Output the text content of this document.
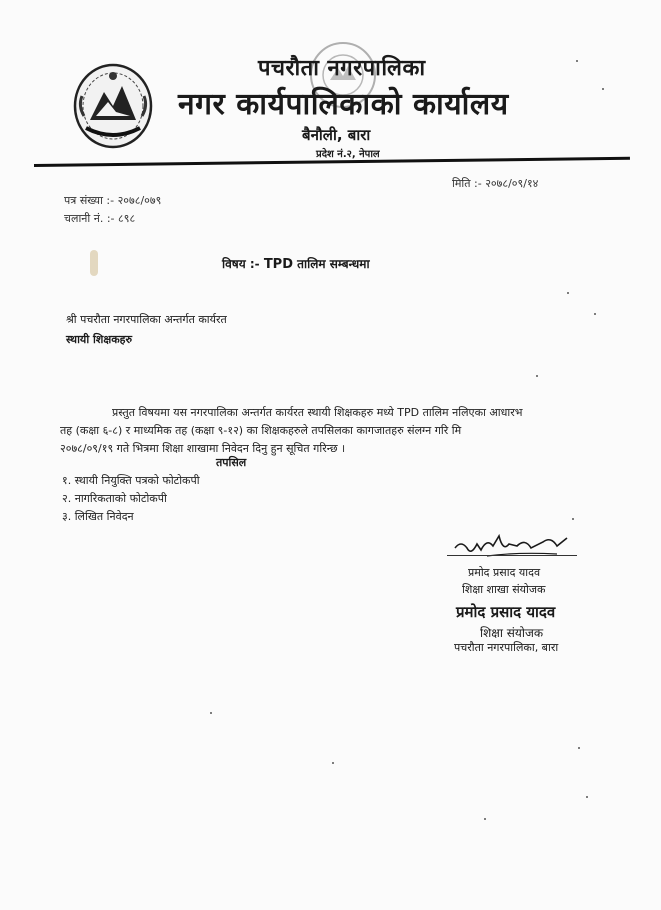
पचरौता नगरपालिका
नगर कार्यपालिकाको कार्यालय
बैनौली, बारा
प्रदेश नं.२, नेपाल
मिति :- २०७८/०९/१४
पत्र संख्या :- २०७८/०७९
चलानी नं. :- ८९८
विषय :- TPD तालिम सम्बन्धमा
श्री पचरौता नगरपालिका अन्तर्गत कार्यरत
स्थायी शिक्षकहरु
प्रस्तुत विषयमा यस नगरपालिका अन्तर्गत कार्यरत स्थायी शिक्षकहरु मध्ये TPD तालिम नलिएका आधारभ
तह (कक्षा ६-८) र माध्यमिक तह (कक्षा ९-१२) का शिक्षकहरुले तपसिलका कागजातहरु संलग्न गरि मि
२०७८/०९/१९ गते भित्रमा शिक्षा शाखामा निवेदन दिनु हुन सूचित गरिन्छ ।
तपसिल
१. स्थायी नियुक्ति पत्रको फोटोकपी
२. नागरिकताको फोटोकपी
३. लिखित निवेदन
प्रमोद प्रसाद यादव
शिक्षा शाखा संयोजक
प्रमोद प्रसाद यादव
शिक्षा संयोजक
पचरौता नगरपालिका, बारा
